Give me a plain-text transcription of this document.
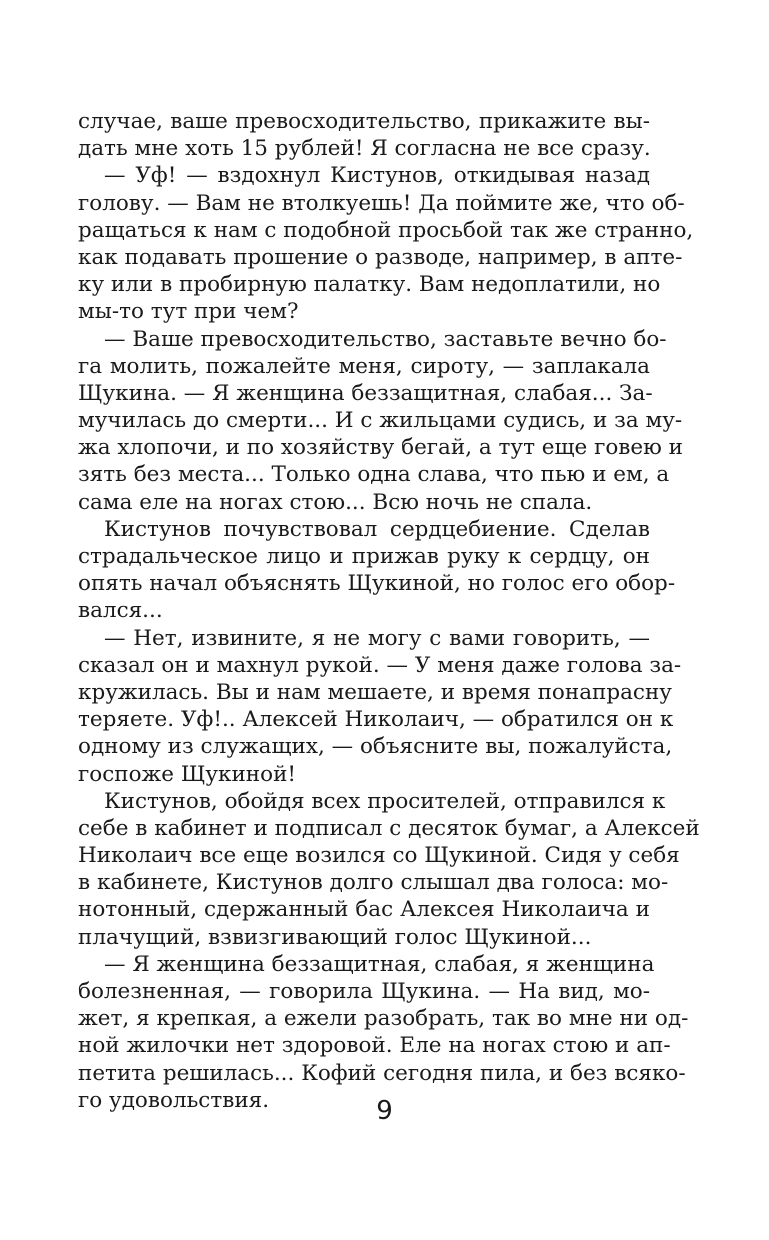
случае, ваше превосходительство, прикажите вы-
дать мне хоть 15 рублей! Я согласна не все сразу.
— Уф! — вздохнул Кистунов, откидывая назад
голову. — Вам не втолкуешь! Да поймите же, что об-
ращаться к нам с подобной просьбой так же странно,
как подавать прошение о разводе, например, в апте-
ку или в пробирную палатку. Вам недоплатили, но
мы-то тут при чем?
— Ваше превосходительство, заставьте вечно бо-
га молить, пожалейте меня, сироту, — заплакала
Щукина. — Я женщина беззащитная, слабая... За-
мучилась до смерти... И с жильцами судись, и за му-
жа хлопочи, и по хозяйству бегай, а тут еще говею и
зять без места... Только одна слава, что пью и ем, а
сама еле на ногах стою... Всю ночь не спала.
Кистунов почувствовал сердцебиение. Сделав
страдальческое лицо и прижав руку к сердцу, он
опять начал объяснять Щукиной, но голос его обор-
вался...
— Нет, извините, я не могу с вами говорить, —
сказал он и махнул рукой. — У меня даже голова за-
кружилась. Вы и нам мешаете, и время понапрасну
теряете. Уф!.. Алексей Николаич, — обратился он к
одному из служащих, — объясните вы, пожалуйста,
госпоже Щукиной!
Кистунов, обойдя всех просителей, отправился к
себе в кабинет и подписал с десяток бумаг, а Алексей
Николаич все еще возился со Щукиной. Сидя у себя
в кабинете, Кистунов долго слышал два голоса: мо-
нотонный, сдержанный бас Алексея Николаича и
плачущий, взвизгивающий голос Щукиной...
— Я женщина беззащитная, слабая, я женщина
болезненная, — говорила Щукина. — На вид, мо-
жет, я крепкая, а ежели разобрать, так во мне ни од-
ной жилочки нет здоровой. Еле на ногах стою и ап-
петита решилась... Кофий сегодня пила, и без всяко-
го удовольствия.	9
